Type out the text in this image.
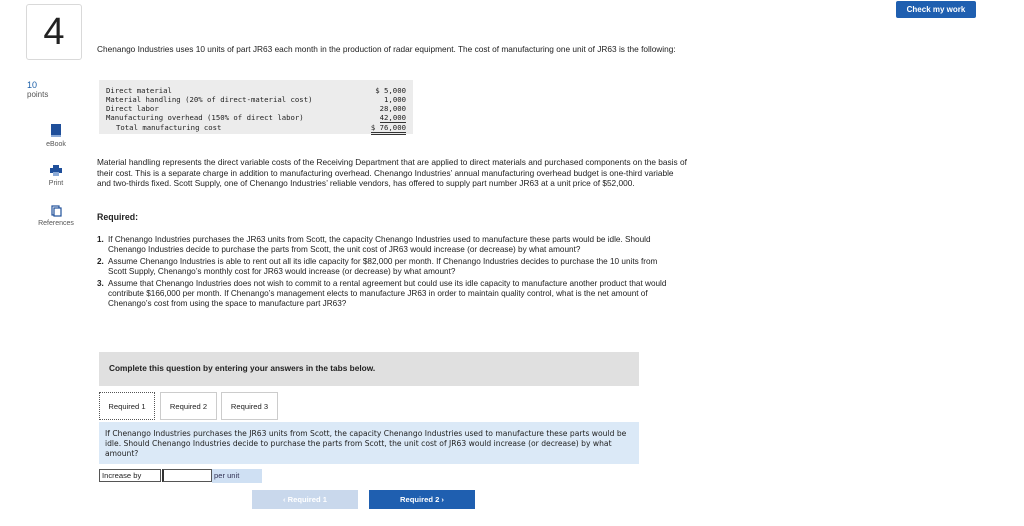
4
10
points
eBook
Print
References
Check my work
Chenango Industries uses 10 units of part JR63 each month in the production of radar equipment. The cost of manufacturing one unit of JR63 is the following:
Direct material	$ 5,000
Material handling (20% of direct-material cost)	1,000
Direct labor	28,000
Manufacturing overhead (150% of direct labor)	42,000
Total manufacturing cost	$ 76,000
Material handling represents the direct variable costs of the Receiving Department that are applied to direct materials and purchased components on the basis of their cost. This is a separate charge in addition to manufacturing overhead. Chenango Industries’ annual manufacturing overhead budget is one-third variable and two-thirds fixed. Scott Supply, one of Chenango Industries’ reliable vendors, has offered to supply part number JR63 at a unit price of $52,000.
Required:
1. If Chenango Industries purchases the JR63 units from Scott, the capacity Chenango Industries used to manufacture these parts would be idle. Should Chenango Industries decide to purchase the parts from Scott, the unit cost of JR63 would increase (or decrease) by what amount?
2. Assume Chenango Industries is able to rent out all its idle capacity for $82,000 per month. If Chenango Industries decides to purchase the 10 units from Scott Supply, Chenango’s monthly cost for JR63 would increase (or decrease) by what amount?
3. Assume that Chenango Industries does not wish to commit to a rental agreement but could use its idle capacity to manufacture another product that would contribute $166,000 per month. If Chenango’s management elects to manufacture JR63 in order to maintain quality control, what is the net amount of Chenango’s cost from using the space to manufacture part JR63?
Complete this question by entering your answers in the tabs below.
Required 1	Required 2	Required 3
If Chenango Industries purchases the JR63 units from Scott, the capacity Chenango Industries used to manufacture these parts would be idle. Should Chenango Industries decide to purchase the parts from Scott, the unit cost of JR63 would increase (or decrease) by what amount?
Increase by	per unit
‹ Required 1	Required 2 ›
